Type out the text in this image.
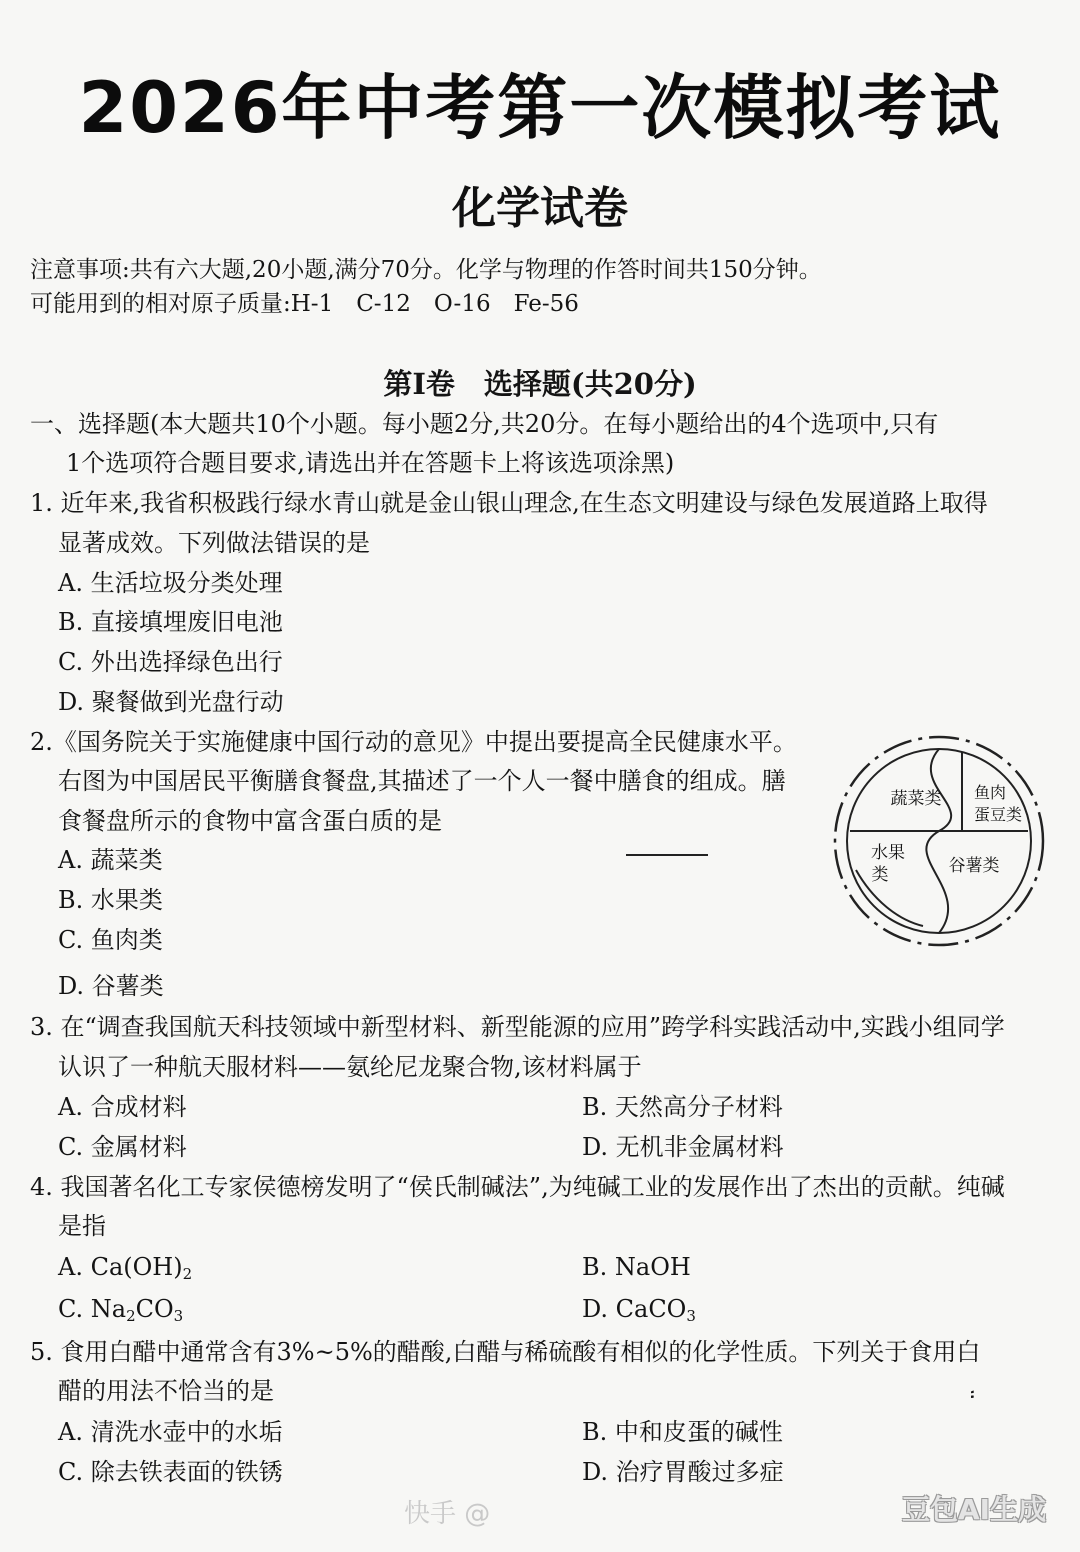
2026年中考第一次模拟考试
化学试卷
注意事项:共有六大题,20小题,满分70分。化学与物理的作答时间共150分钟。
可能用到的相对原子质量:H-1　C-12　O-16　Fe-56
第Ⅰ卷　选择题(共20分)
一、选择题(本大题共10个小题。每小题2分,共20分。在每小题给出的4个选项中,只有
1个选项符合题目要求,请选出并在答题卡上将该选项涂黑)
1. 近年来,我省积极践行绿水青山就是金山银山理念,在生态文明建设与绿色发展道路上取得
显著成效。下列做法错误的是
A. 生活垃圾分类处理
B. 直接填埋废旧电池
C. 外出选择绿色出行
D. 聚餐做到光盘行动
2.《国务院关于实施健康中国行动的意见》中提出要提高全民健康水平。
右图为中国居民平衡膳食餐盘,其描述了一个人一餐中膳食的组成。膳
食餐盘所示的食物中富含蛋白质的是
A. 蔬菜类
B. 水果类
C. 鱼肉类
D. 谷薯类
蔬菜类 鱼肉
蛋豆类
水果
类	谷薯类
3. 在“调查我国航天科技领域中新型材料、新型能源的应用”跨学科实践活动中,实践小组同学
认识了一种航天服材料——氨纶尼龙聚合物,该材料属于
A. 合成材料	B. 天然高分子材料
C. 金属材料	D. 无机非金属材料
4. 我国著名化工专家侯德榜发明了“侯氏制碱法”,为纯碱工业的发展作出了杰出的贡献。纯碱
是指
A. $Ca(OH)_2$	B. NaOH
C. $Na_2CO_3$	D. CaCO$_3$
5. 食用白醋中通常含有3%~5%的醋酸,白醋与稀硫酸有相似的化学性质。下列关于食用白
醋的用法不恰当的是	፡
A. 清洗水壶中的水垢	B. 中和皮蛋的碱性
C. 除去铁表面的铁锈	D. 治疗胃酸过多症
快手 @	豆包AI生成
